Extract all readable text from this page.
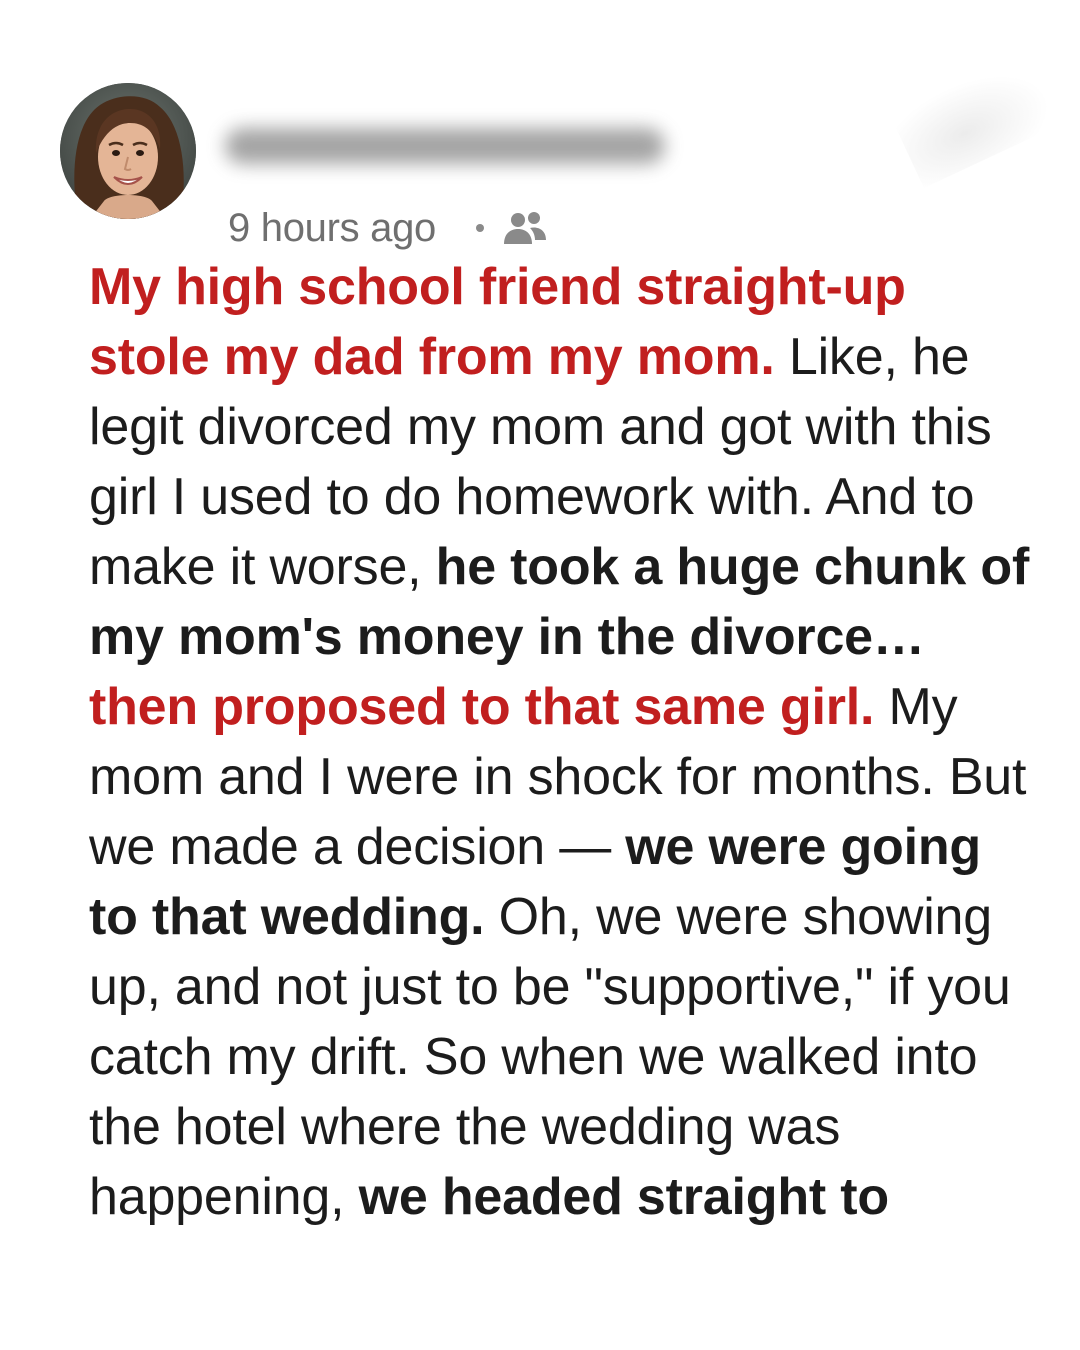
9 hours ago

My high school friend straight-up stole my dad from my mom. Like, he legit divorced my mom and got with this girl I used to do homework with. And to make it worse, he took a huge chunk of my mom's money in the divorce… then proposed to that same girl. My mom and I were in shock for months. But we made a decision — we were going to that wedding. Oh, we were showing up, and not just to be "supportive," if you catch my drift. So when we walked into the hotel where the wedding was happening, we headed straight to
